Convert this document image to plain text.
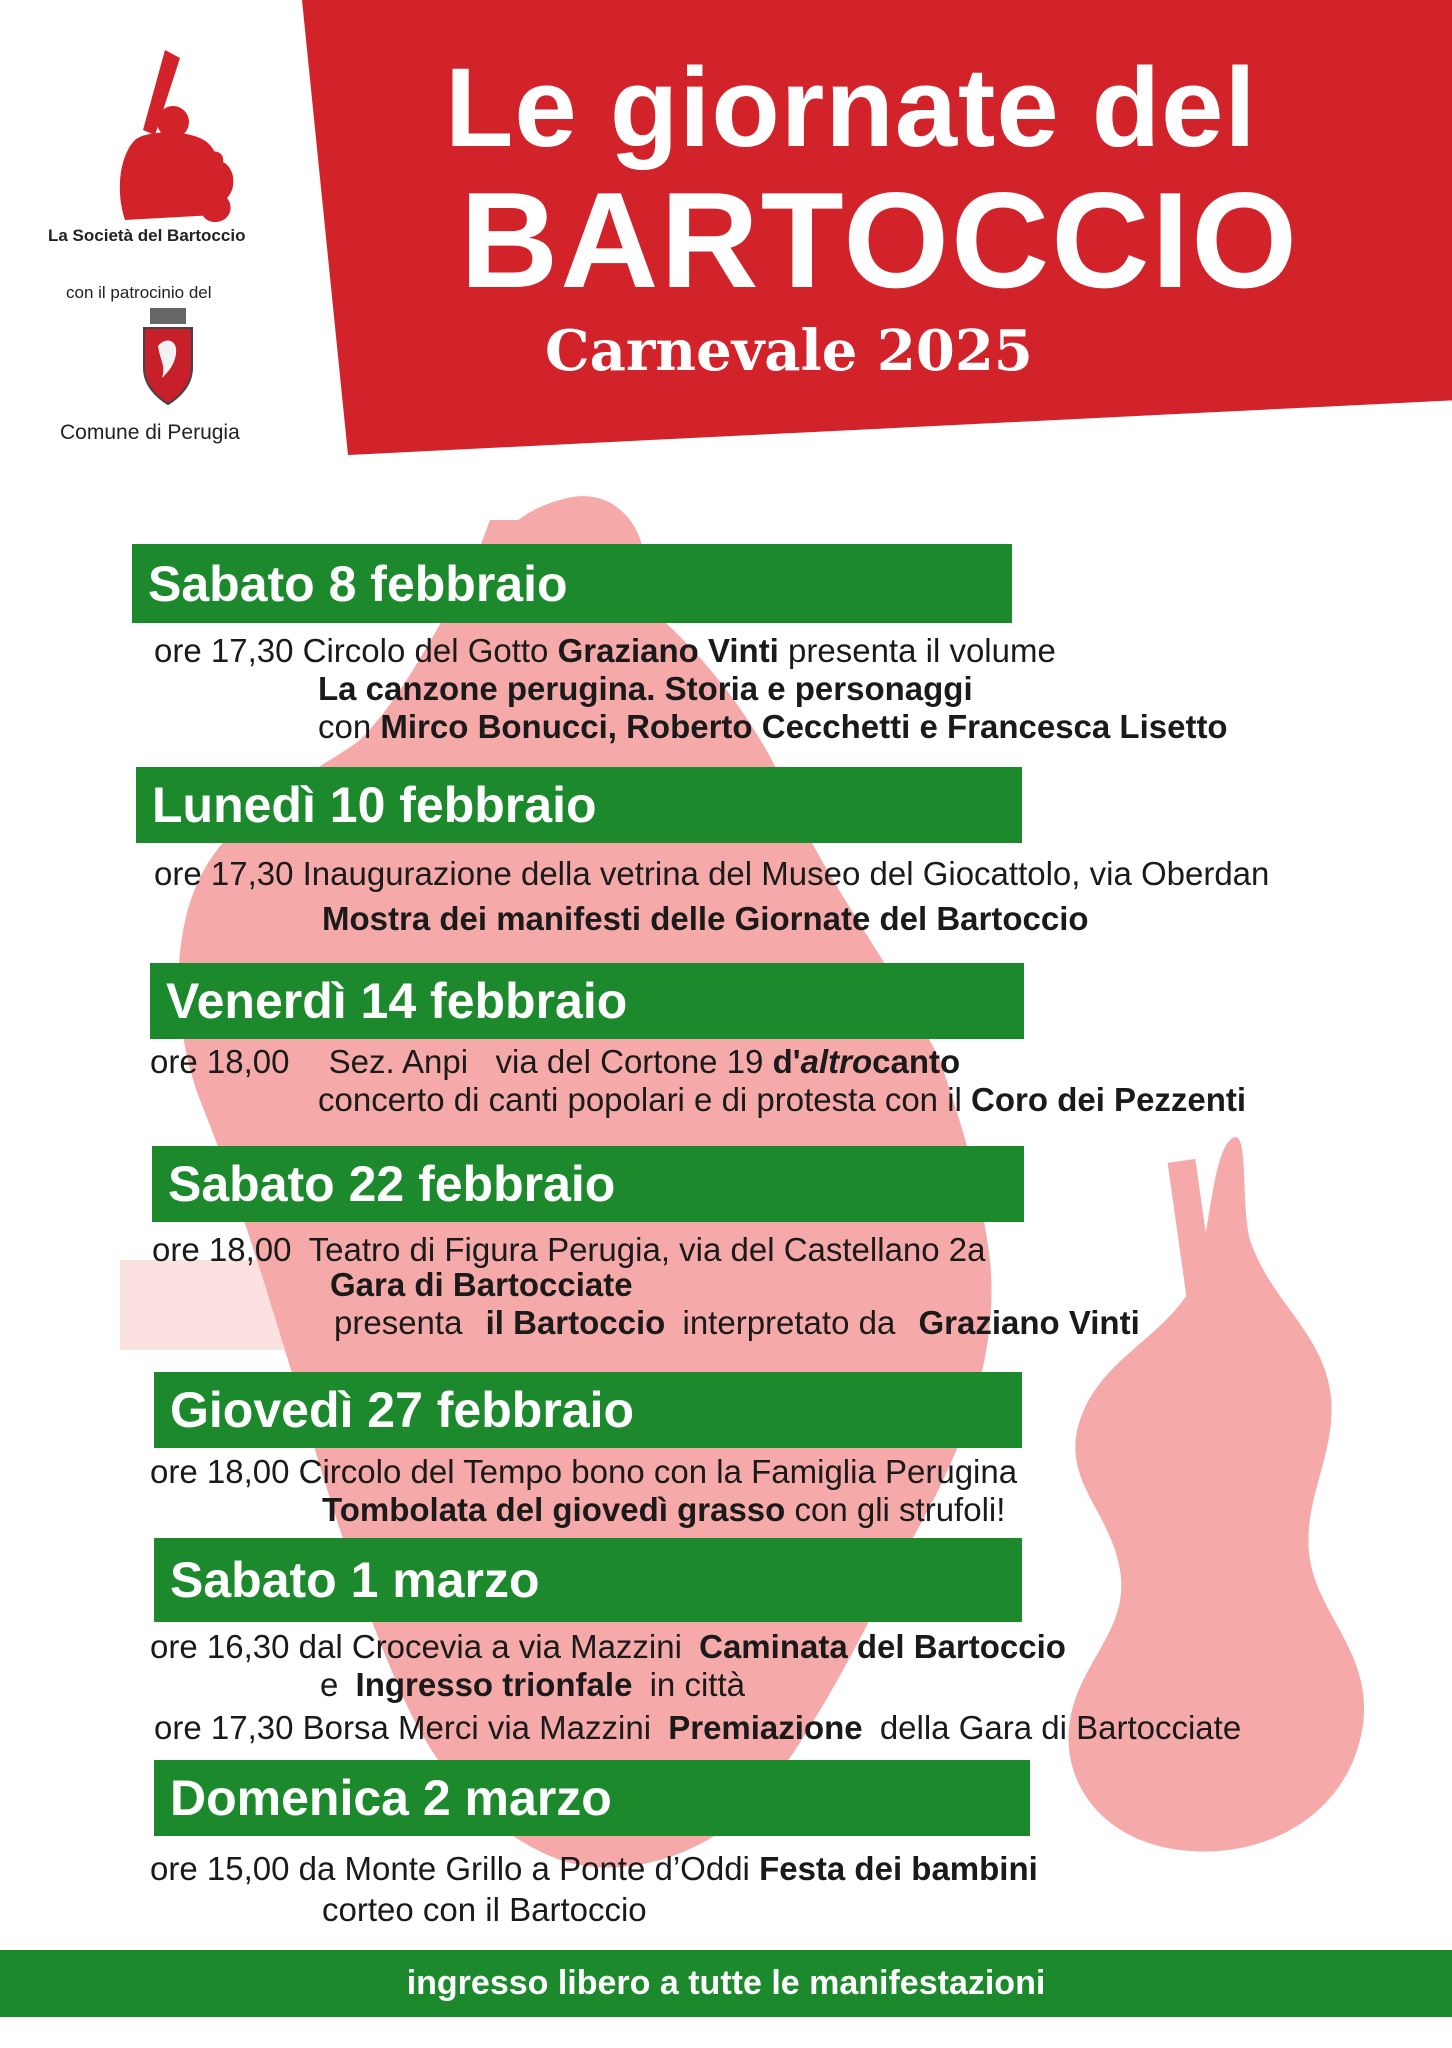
Le giornate del
BARTOCCIO
Carnevale 2025
La Società del Bartoccio
con il patrocinio del
Comune di Perugia
Sabato 8 febbraio
ore 17,30 Circolo del Gotto Graziano Vinti presenta il volume
La canzone perugina. Storia e personaggi
con Mirco Bonucci, Roberto Cecchetti e Francesca Lisetto
Lunedì 10 febbraio
ore 17,30 Inaugurazione della vetrina del Museo del Giocattolo, via Oberdan
Mostra dei manifesti delle Giornate del Bartoccio
Venerdì 14 febbraio
ore 18,00 Sez. Anpi   via del Cortone 19 d'altrocanto
concerto di canti popolari e di protesta con il Coro dei Pezzenti
Sabato 22 febbraio
ore 18,00 Teatro di Figura Perugia, via del Castellano 2a
Gara di Bartocciate
presenta il Bartoccio interpretato da Graziano Vinti
Giovedì 27 febbraio
ore 18,00 Circolo del Tempo bono con la Famiglia Perugina
Tombolata del giovedì grasso con gli strufoli!
Sabato 1 marzo
ore 16,30 dal Crocevia a via Mazzini Caminata del Bartoccio
e Ingresso trionfale in città
ore 17,30 Borsa Merci via Mazzini Premiazione della Gara di Bartocciate
Domenica 2 marzo
ore 15,00 da Monte Grillo a Ponte d’Oddi Festa dei bambini
corteo con il Bartoccio
ingresso libero a tutte le manifestazioni
